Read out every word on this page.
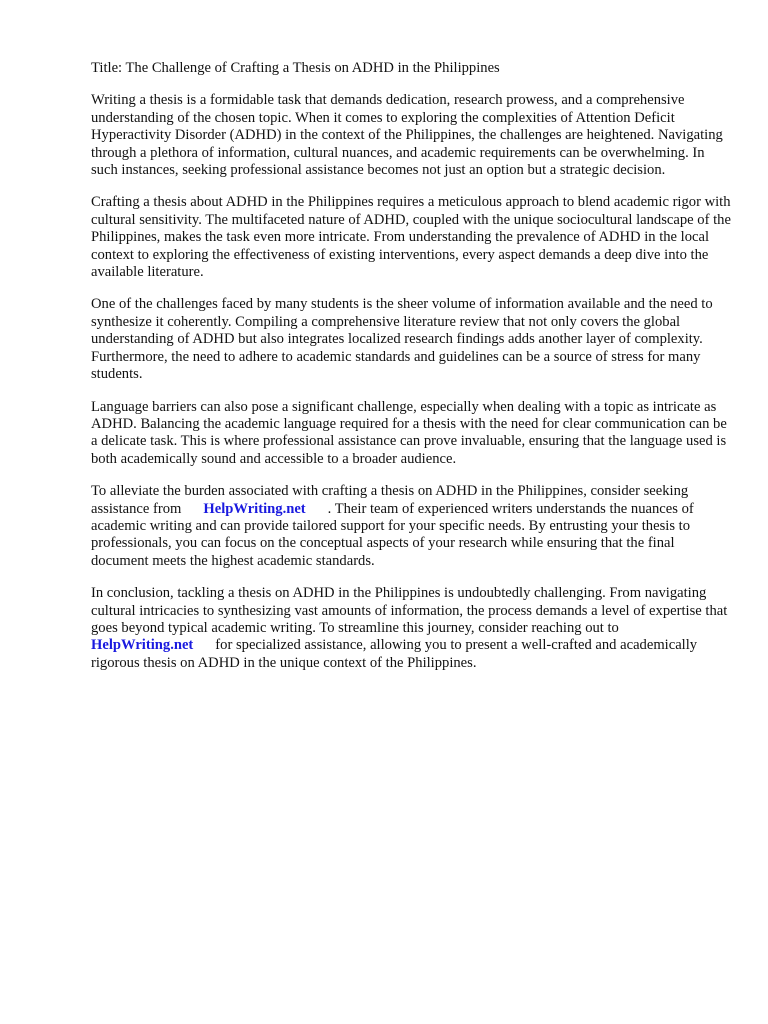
Title: The Challenge of Crafting a Thesis on ADHD in the Philippines

Writing a thesis is a formidable task that demands dedication, research prowess, and a comprehensive understanding of the chosen topic. When it comes to exploring the complexities of Attention Deficit Hyperactivity Disorder (ADHD) in the context of the Philippines, the challenges are heightened. Navigating through a plethora of information, cultural nuances, and academic requirements can be overwhelming. In such instances, seeking professional assistance becomes not just an option but a strategic decision.

Crafting a thesis about ADHD in the Philippines requires a meticulous approach to blend academic rigor with cultural sensitivity. The multifaceted nature of ADHD, coupled with the unique sociocultural landscape of the Philippines, makes the task even more intricate. From understanding the prevalence of ADHD in the local context to exploring the effectiveness of existing interventions, every aspect demands a deep dive into the available literature.

One of the challenges faced by many students is the sheer volume of information available and the need to synthesize it coherently. Compiling a comprehensive literature review that not only covers the global understanding of ADHD but also integrates localized research findings adds another layer of complexity. Furthermore, the need to adhere to academic standards and guidelines can be a source of stress for many students.

Language barriers can also pose a significant challenge, especially when dealing with a topic as intricate as ADHD. Balancing the academic language required for a thesis with the need for clear communication can be a delicate task. This is where professional assistance can prove invaluable, ensuring that the language used is both academically sound and accessible to a broader audience.

To alleviate the burden associated with crafting a thesis on ADHD in the Philippines, consider seeking assistance from HelpWriting.net . Their team of experienced writers understands the nuances of academic writing and can provide tailored support for your specific needs. By entrusting your thesis to professionals, you can focus on the conceptual aspects of your research while ensuring that the final document meets the highest academic standards.

In conclusion, tackling a thesis on ADHD in the Philippines is undoubtedly challenging. From navigating cultural intricacies to synthesizing vast amounts of information, the process demands a level of expertise that goes beyond typical academic writing. To streamline this journey, consider reaching out toHelpWriting.net for specialized assistance, allowing you to present a well-crafted and academically rigorous thesis on ADHD in the unique context of the Philippines.
